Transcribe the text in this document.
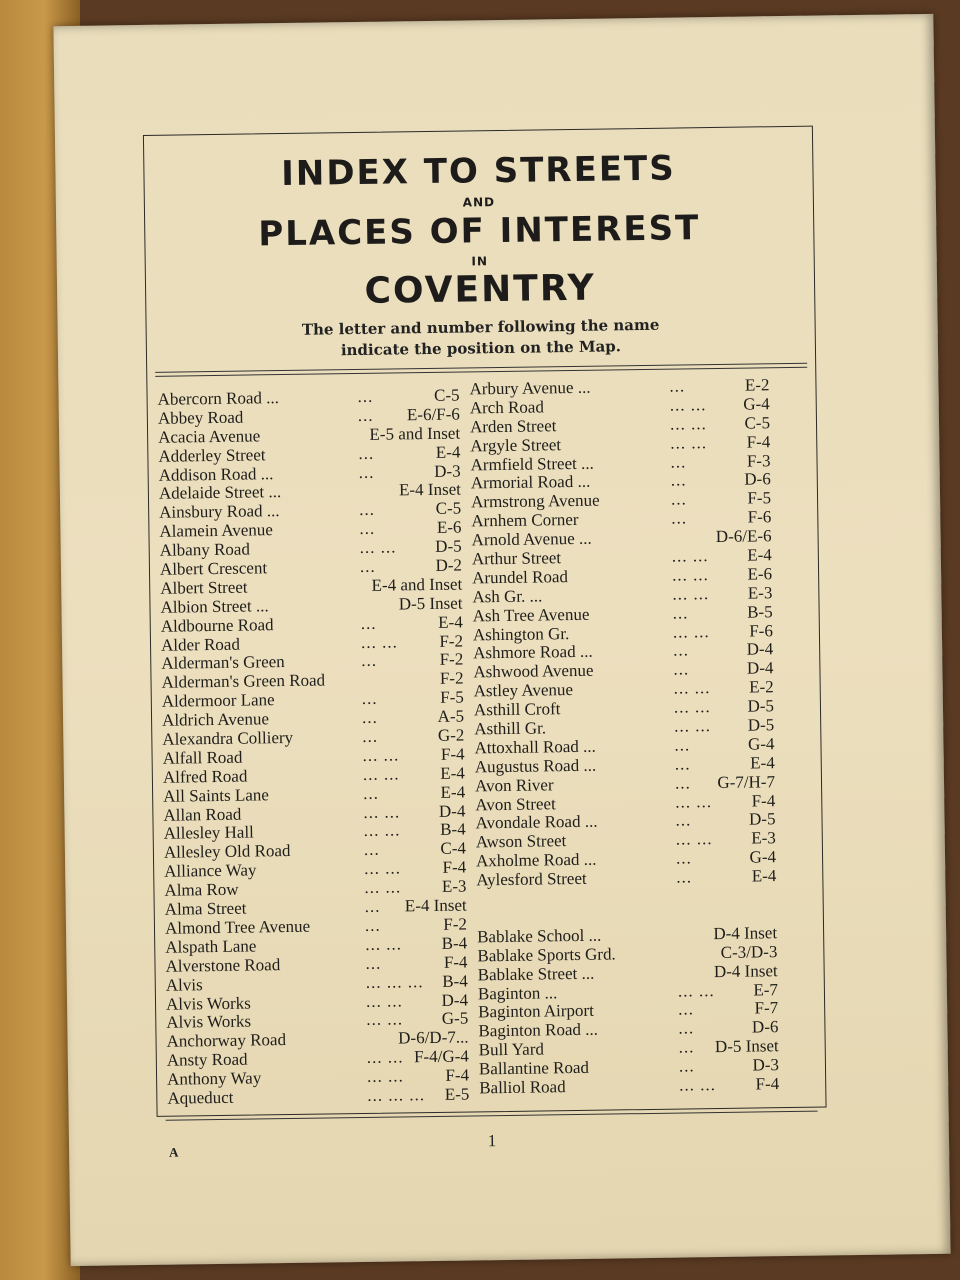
INDEX TO STREETS
AND
PLACES OF INTEREST
IN
COVENTRY
The letter and number following the name
indicate the position on the Map.
Abercorn Road ...	...	C-5
Abbey Road	... E-6/F-6
Acacia Avenue	E-5 and Inset
Adderley Street	...	E-4
Addison Road ...	...	D-3
Adelaide Street ...	E-4 Inset
Ainsbury Road ...	...	C-5
Alamein Avenue	...	E-6
Albany Road	... ... D-5
Albert Crescent	...	D-2
Albert Street	E-4 and Inset
Albion Street ...	D-5 Inset
Aldbourne Road	...	E-4
Alder Road	... ... F-2
Alderman's Green	...	F-2
Alderman's Green Road	F-2
Aldermoor Lane	...	F-5
Aldrich Avenue	...	A-5
Alexandra Colliery	...	G-2
Alfall Road	... ... F-4
Alfred Road	... ... E-4
All Saints Lane	...	E-4
Allan Road	... ... D-4
Allesley Hall	... ... B-4
Allesley Old Road	...	C-4
Alliance Way	... ... F-4
Alma Row	... ... E-3
Alma Street	... E-4 Inset
Almond Tree Avenue	...	F-2
Alspath Lane	... ... B-4
Alverstone Road	...	F-4
Alvis	... ... ... B-4
Alvis Works	... ... D-4
Alvis Works	... ... G-5
Anchorway Road	D-6/D-7...
Ansty Road	... ... F-4/G-4
Anthony Way	... ... F-4
Aqueduct	... ... ... E-5
Arbury Avenue ...	...	E-2
Arch Road	... ... G-4
Arden Street	... ... C-5
Argyle Street	... ... F-4
Armfield Street ...	...	F-3
Armorial Road ...	...	D-6
Armstrong Avenue	...	F-5
Arnhem Corner	...	F-6
Arnold Avenue ...	D-6/E-6
Arthur Street	... ... E-4
Arundel Road	... ... E-6
Ash Gr. ...	... ... E-3
Ash Tree Avenue	...	B-5
Ashington Gr.	... ... F-6
Ashmore Road ...	...	D-4
Ashwood Avenue	...	D-4
Astley Avenue	... ... E-2
Asthill Croft	... ... D-5
Asthill Gr.	... ... D-5
Attoxhall Road ...	...	G-4
Augustus Road ...	...	E-4
Avon River	... G-7/H-7
Avon Street	... ... F-4
Avondale Road ...	...	D-5
Awson Street	... ... E-3
Axholme Road ...	...	G-4
Aylesford Street	...	E-4
Bablake School ...	D-4 Inset
Bablake Sports Grd.	C-3/D-3
Bablake Street ...	D-4 Inset
Baginton ...	... ... E-7
Baginton Airport	...	F-7
Baginton Road ...	...	D-6
Bull Yard	... D-5 Inset
Ballantine Road	...	D-3
Balliol Road	... ... F-4
1
A
